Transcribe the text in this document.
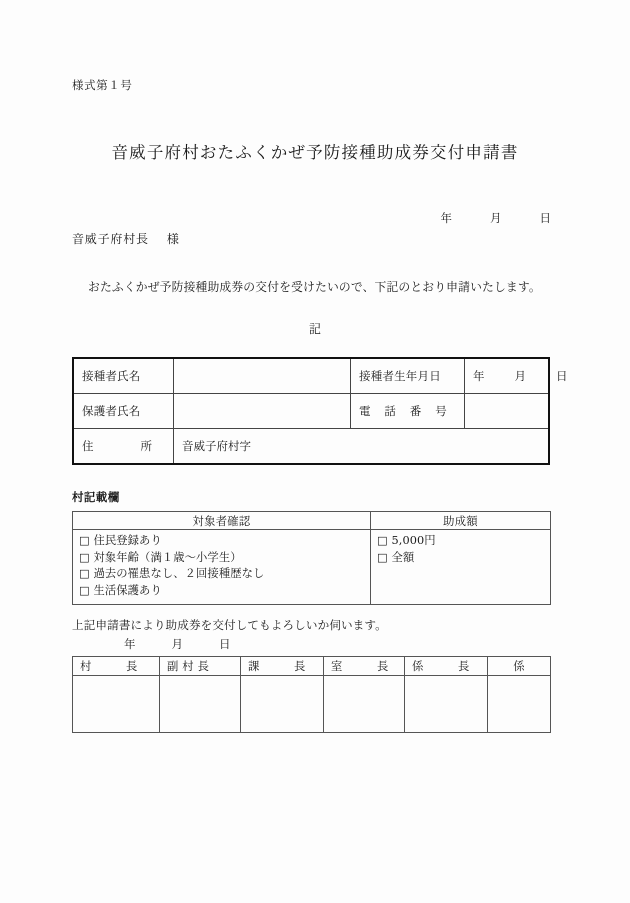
様式第１号
音威子府村おたふくかぜ予防接種助成券交付申請書
年	月	日
音威子府村長 様
おたふくかぜ予防接種助成券の交付を受けたいので、下記のとおり申請いたします。
記
接種者氏名		接種者生年月日	年 月 日

保護者氏名		電　話　番　号	

住　　　　所	音威子府村字		
村記載欄
対象者確認	助成額

□ 住民登録あり
□ 対象年齢（満１歳～小学生）
□ 過去の罹患なし、２回接種歴なし
□ 生活保護あり

□ 5,000円
□ 全額
上記申請書により助成券を交付してもよろしいか伺います。
年	月	日
村　　　長	副 村 長	課　　　長	室　　　長	係　　　長	係
